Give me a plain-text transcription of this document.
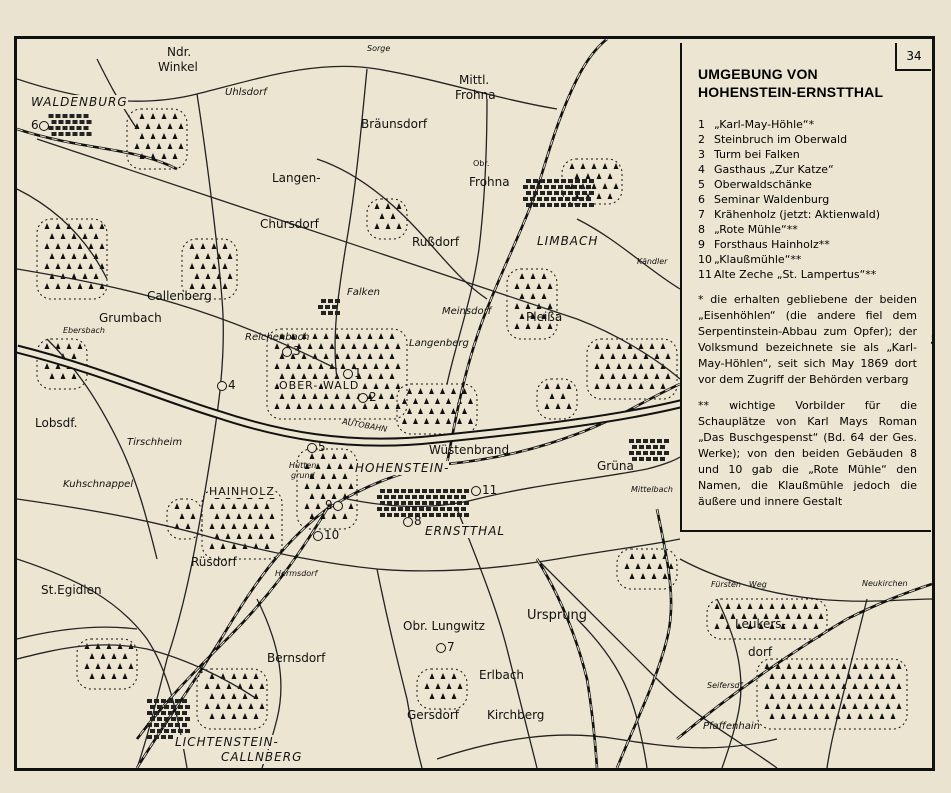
Ndr.
Winkel
WALDENBURG
Uhlsdorf
Sorge
Mittl.
Frohna
Bräunsdorf
Obr.
Frohna
Langen-
Chursdorf
Rußdorf	LIMBACH
Kändler
Callenberg	Falken
Meinsdorf	Pleißa
Grumbach
Ebersbach
Reichenbach
Langenberg
OBER- WALD
Lobsdf.	AUTOBAHN
Tirschheim
Kuhschnappel
Hütten-
grund
HAINHOLZ
HOHENSTEIN-
Wüstenbrand
Grüna
Mittelbach
ERNSTTHAL
Rüsdorf
Hermsdorf
St.Egidien
Obr. Lungwitz
Ursprung
Fürsten - Weg	Neukirchen
Leukers-
dorf
Bernsdorf
Erlbach
Seifersdf.
Kirchberg
Pfaffenhain
Gersdorf
LICHTENSTEIN-
CALLNBERG
1
2
3
4
5
6
7
8
9
10
11
34
UMGEBUNG VON
HOHENSTEIN-ERNSTTHAL
1 „Karl-May-Höhle“*
2 Steinbruch im Oberwald
3 Turm bei Falken
4 Gasthaus „Zur Katze“
5 Oberwaldschänke
6 Seminar Waldenburg
7 Krähenholz (jetzt: Aktienwald)
8 „Rote Mühle“**
9 Forsthaus Hainholz**
10 „Klaußmühle“**
11 Alte Zeche „St. Lampertus“**

* die erhalten gebliebene der beiden „Eisenhöhlen“ (die andere fiel dem Serpentinstein-Abbau zum Opfer); der Volksmund bezeichnete sie als „Karl-May-Höhlen“, seit sich May 1869 dort vor dem Zugriff der Behörden verbarg

** wichtige Vorbilder für die Schauplätze von Karl Mays Roman „Das Buschgespenst“ (Bd. 64 der Ges. Werke); von den beiden Gebäuden 8 und 10 gab die „Rote Mühle“ den Namen, die Klaußmühle jedoch die äußere und innere Gestalt
